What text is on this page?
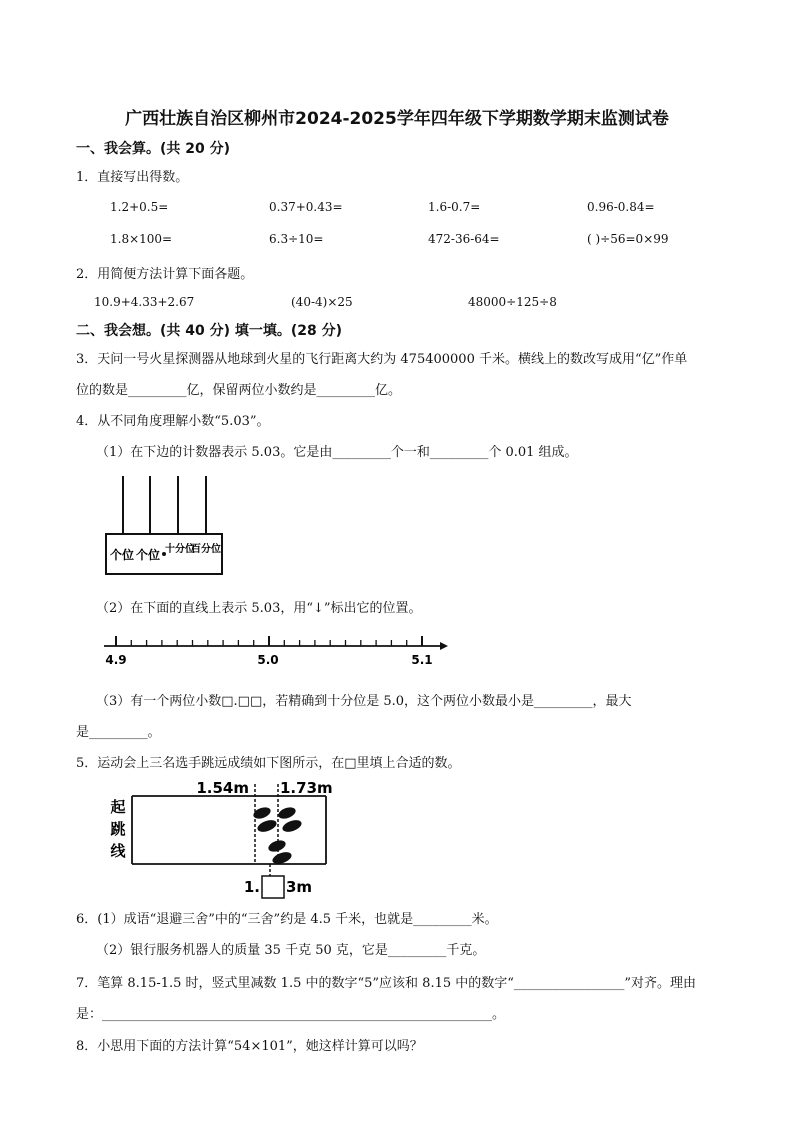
广西壮族自治区柳州市2024-2025学年四年级下学期数学期末监测试卷
一、我会算。(共 20 分)
1．直接写出得数。
1.2+0.5=	0.37+0.43=	1.6-0.7=	0.96-0.84=
1.8×100=	6.3÷10=	472-36-64=	( )÷56=0×99
2．用简便方法计算下面各题。
10.9+4.33+2.67	(40-4)×25	48000÷125÷8
二、我会想。(共 40 分) 填一填。(28 分)
3．天问一号火星探测器从地球到火星的飞行距离大约为 475400000 千米。横线上的数改写成用“亿”作单
位的数是_________亿，保留两位小数约是_________亿。
4．从不同角度理解小数“5.03”。
（1）在下边的计数器表示 5.03。它是由_________个一和_________个 0.01 组成。
个位 个位 十分位
百分位
（2）在下面的直线上表示 5.03，用“↓”标出它的位置。
4.9	5.0	5.1
（3）有一个两位小数□.□□，若精确到十分位是 5.0，这个两位小数最小是_________，最大
是_________。
5．运动会上三名选手跳远成绩如下图所示，在□里填上合适的数。
起
跳
线
1.54m 1.73m
1. 3m
6．(1）成语“退避三舍”中的“三舍”约是 4.5 千米，也就是_________米。
（2）银行服务机器人的质量 35 千克 50 克，它是_________千克。
7．笔算 8.15-1.5 时，竖式里减数 1.5 中的数字“5”应该和 8.15 中的数字“_________________”对齐。理由
是：____________________________________________________________。
8．小思用下面的方法计算“54×101”，她这样计算可以吗？
